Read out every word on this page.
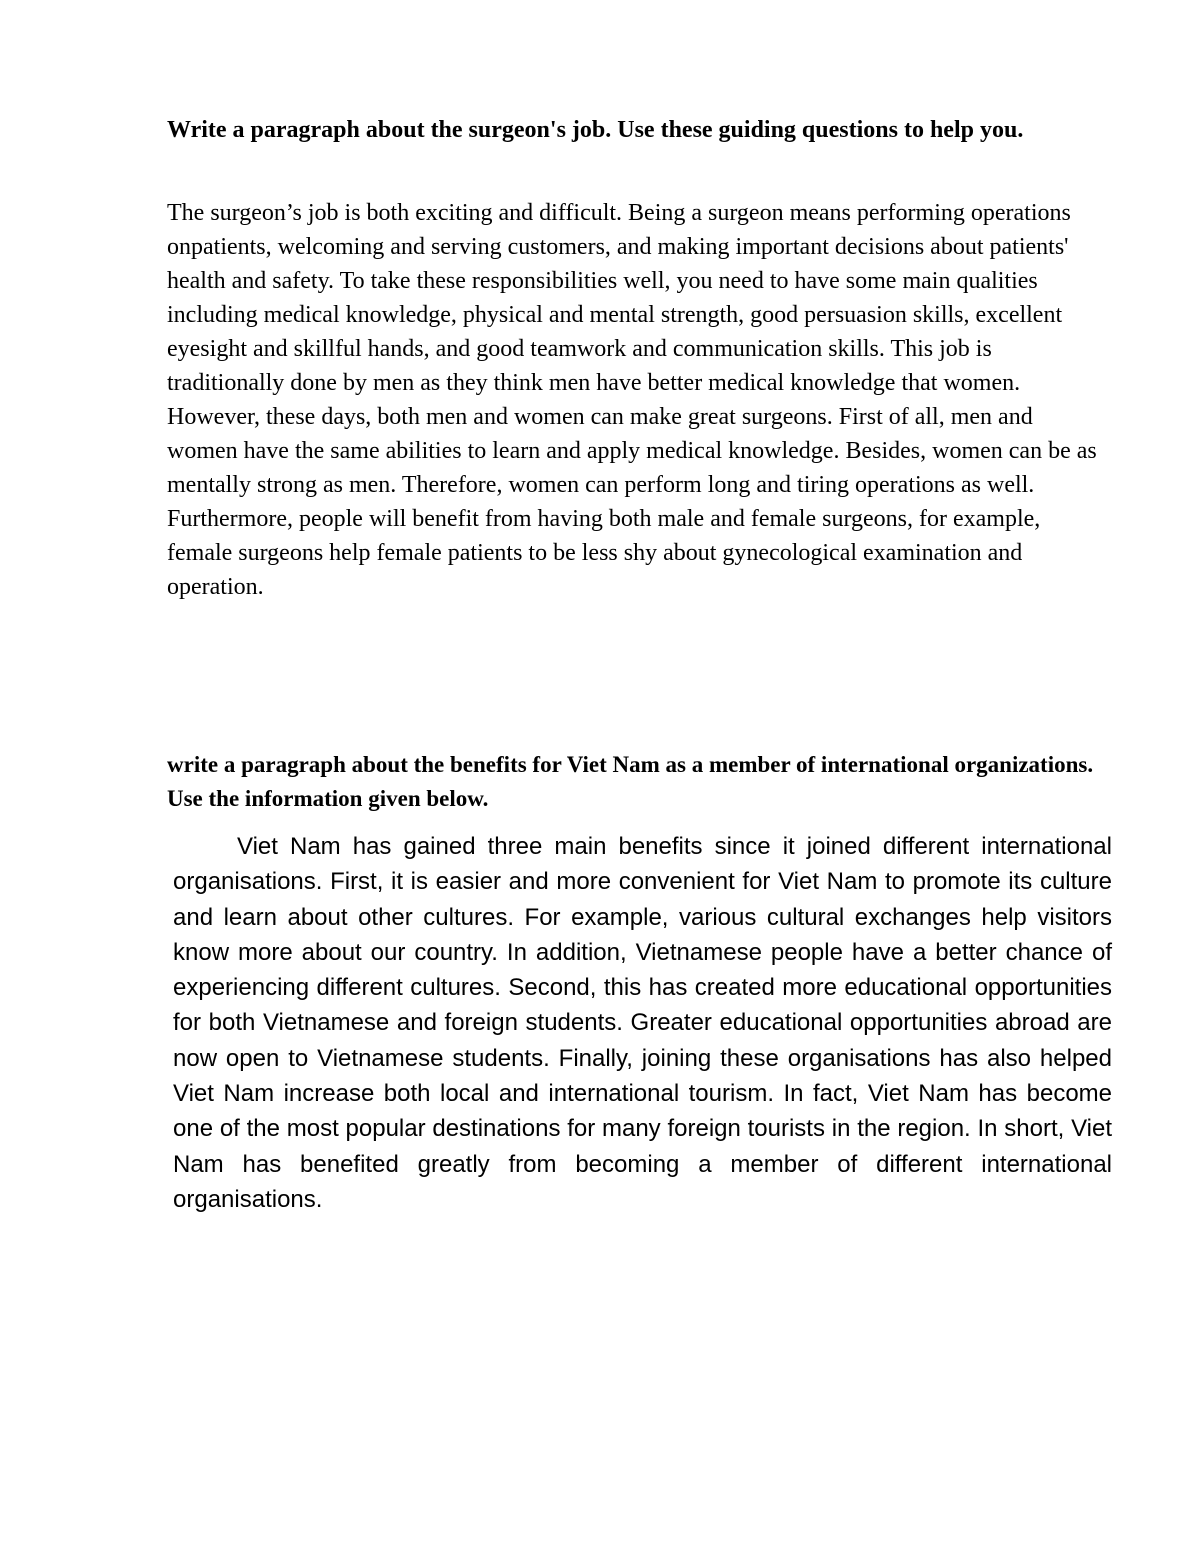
Write a paragraph about the surgeon's job. Use these guiding questions to help you.

The surgeon’s job is both exciting and difficult. Being a surgeon means performing operations onpatients, welcoming and serving customers, and making important decisions about patients' health and safety. To take these responsibilities well, you need to have some main qualities including medical knowledge, physical and mental strength, good persuasion skills, excellent eyesight and skillful hands, and good teamwork and communication skills. This job is traditionally done by men as they think men have better medical knowledge that women. However, these days, both men and women can make great surgeons. First of all, men and women have the same abilities to learn and apply medical knowledge. Besides, women can be as mentally strong as men. Therefore, women can perform long and tiring operations as well. Furthermore, people will benefit from having both male and female surgeons, for example, female surgeons help female patients to be less shy about gynecological examination and operation.

write a paragraph about the benefits for Viet Nam as a member of international organizations. Use the information given below.

Viet Nam has gained three main benefits since it joined different international organisations. First, it is easier and more convenient for Viet Nam to promote its culture and learn about other cultures. For example, various cultural exchanges help visitors know more about our country. In addition, Vietnamese people have a better chance of experiencing different cultures. Second, this has created more educational opportunities for both Vietnamese and foreign students. Greater educational opportunities abroad are now open to Vietnamese students. Finally, joining these organisations has also helped Viet Nam increase both local and international tourism. In fact, Viet Nam has become one of the most popular destinations for many foreign tourists in the region. In short, Viet Nam has benefited greatly from becoming a member of different international organisations.
